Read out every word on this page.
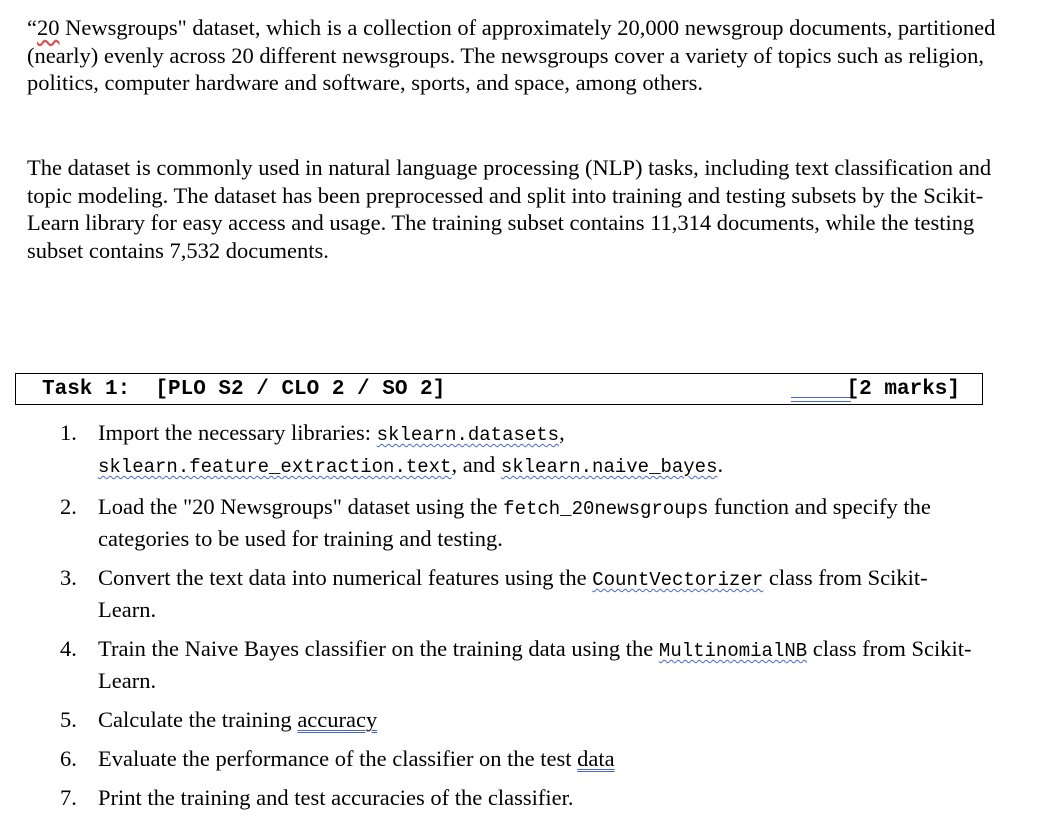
“20 Newsgroups" dataset, which is a collection of approximately 20,000 newsgroup documents, partitioned (nearly) evenly across 20 different newsgroups. The newsgroups cover a variety of topics such as religion, politics, computer hardware and software, sports, and space, among others.

The dataset is commonly used in natural language processing (NLP) tasks, including text classification and topic modeling. The dataset has been preprocessed and split into training and testing subsets by the Scikit-Learn library for easy access and usage. The training subset contains 11,314 documents, while the testing subset contains 7,532 documents.

Task 1:  [PLO S2 / CLO 2 / SO 2]	[2 marks]
1. Import the necessary libraries: sklearn.datasets,
sklearn.feature_extraction.text, and sklearn.naive_bayes.
2. Load the "20 Newsgroups" dataset using the fetch_20newsgroups function and specify the categories to be used for training and testing.
3. Convert the text data into numerical features using the CountVectorizer class from Scikit-Learn.
4. Train the Naive Bayes classifier on the training data using the MultinomialNB class from Scikit-Learn.
5. Calculate the training accuracy
6. Evaluate the performance of the classifier on the test data
7. Print the training and test accuracies of the classifier.
